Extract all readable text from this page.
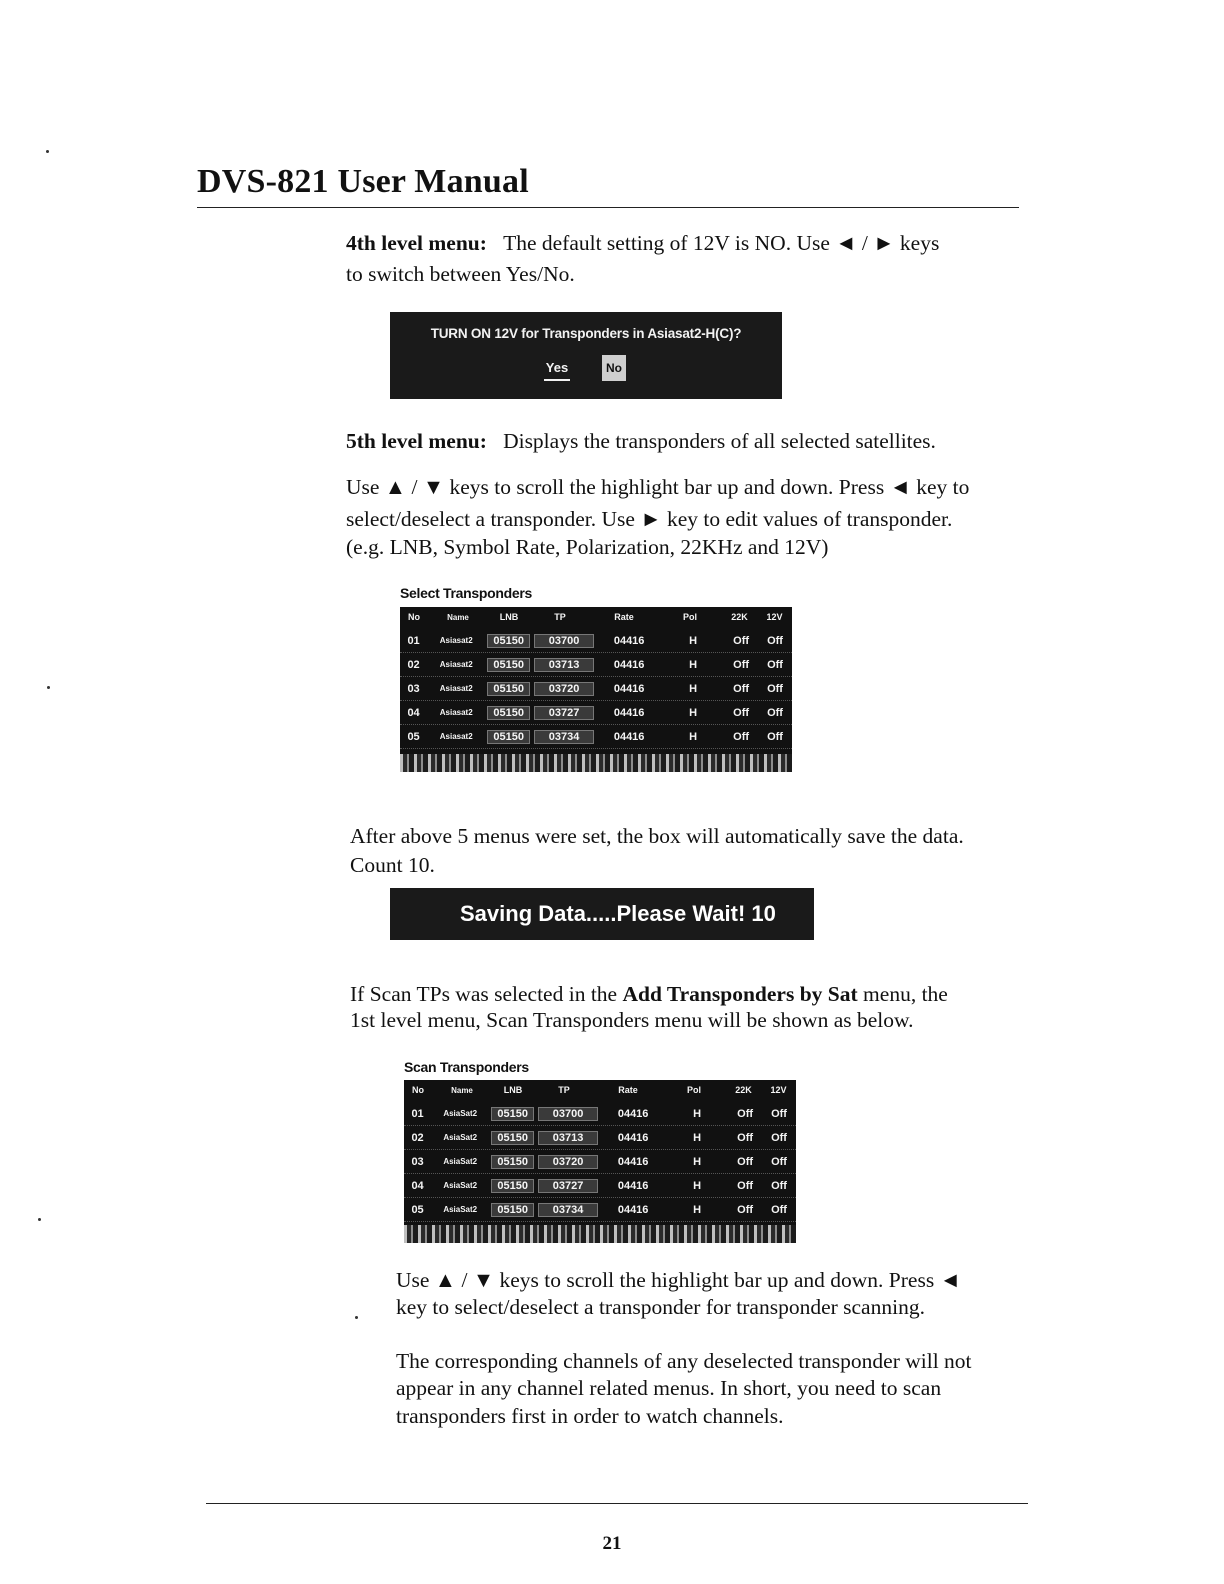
DVS-821 User Manual
4th level menu: The default setting of 12V is NO. Use ◄ / ► keys
to switch between Yes/No.
TURN ON 12V for Transponders in Asiasat2-H(C)?
Yes	No
5th level menu: Displays the transponders of all selected satellites.
Use ▲ / ▼ keys to scroll the highlight bar up and down. Press ◄ key to
select/deselect a transponder. Use ► key to edit values of transponder.
(e.g. LNB, Symbol Rate, Polarization, 22KHz and 12V)
Select Transponders
No	Name	LNB	TP	Rate	Pol	22K	12V
01	Asiasat2	05150	03700	04416	H	Off	Off
02	Asiasat2	05150	03713	04416	H	Off	Off
03	Asiasat2	05150	03720	04416	H	Off	Off
04	Asiasat2	05150	03727	04416	H	Off	Off
05	Asiasat2	05150	03734	04416	H	Off	Off
After above 5 menus were set, the box will automatically save the data.
Count 10.
Saving Data.....Please Wait! 10
If Scan TPs was selected in the Add Transponders by Sat menu, the
1st level menu, Scan Transponders menu will be shown as below.
Scan Transponders
No	Name	LNB	TP	Rate	Pol	22K	12V
01	AsiaSat2	05150	03700	04416	H	Off	Off
02	AsiaSat2	05150	03713	04416	H	Off	Off
03	AsiaSat2	05150	03720	04416	H	Off	Off
04	AsiaSat2	05150	03727	04416	H	Off	Off
05	AsiaSat2	05150	03734	04416	H	Off	Off
Use ▲ / ▼ keys to scroll the highlight bar up and down. Press ◄
key to select/deselect a transponder for transponder scanning.
The corresponding channels of any deselected transponder will not
appear in any channel related menus. In short, you need to scan
transponders first in order to watch channels.
21
